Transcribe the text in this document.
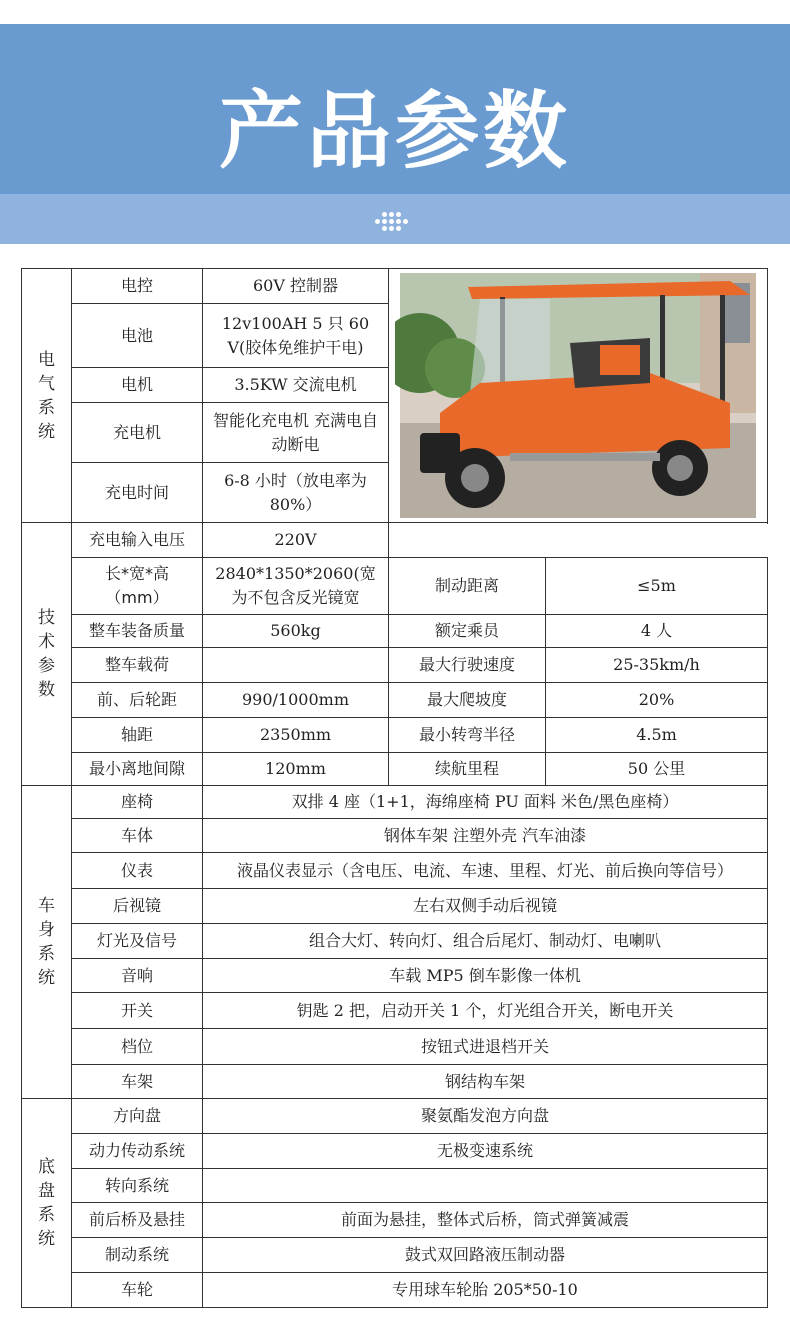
产品参数
电气系统	电控	60V 控制器	

	电池	12v100AH 5 只 60 V(胶体免维护干电)		
	电机	3.5KW 交流电机		
	充电机	智能化充电机 充满电自动断电		
	充电时间	6-8 小时（放电率为 80%）		

技术参数	充电输入电压	220V		
	长*宽*高（mm）	2840*1350*2060(宽为不包含反光镜宽	制动距离	≤5m
	整车装备质量	560kg	额定乘员	4 人
	整车载荷		最大行驶速度	25-35km/h
	前、后轮距	990/1000mm	最大爬坡度	20%
	轴距	2350mm	最小转弯半径	4.5m
	最小离地间隙	120mm	续航里程	50 公里

车身系统	座椅	双排 4 座（1+1，海绵座椅 PU 面料 米色/黑色座椅）		
	车体	钢体车架 注塑外壳 汽车油漆		
	仪表	液晶仪表显示（含电压、电流、车速、里程、灯光、前后换向等信号）		
	后视镜	左右双侧手动后视镜		
	灯光及信号	组合大灯、转向灯、组合后尾灯、制动灯、电喇叭		
	音响	车载 MP5 倒车影像一体机		
	开关	钥匙 2 把，启动开关 1 个，灯光组合开关，断电开关		
	档位	按钮式进退档开关		
	车架	钢结构车架		

底盘系统	方向盘	聚氨酯发泡方向盘		
	动力传动系统	无极变速系统		
	转向系统			
	前后桥及悬挂	前面为悬挂，整体式后桥，筒式弹簧减震		
	制动系统	鼓式双回路液压制动器		
	车轮	专用球车轮胎 205*50-10		
